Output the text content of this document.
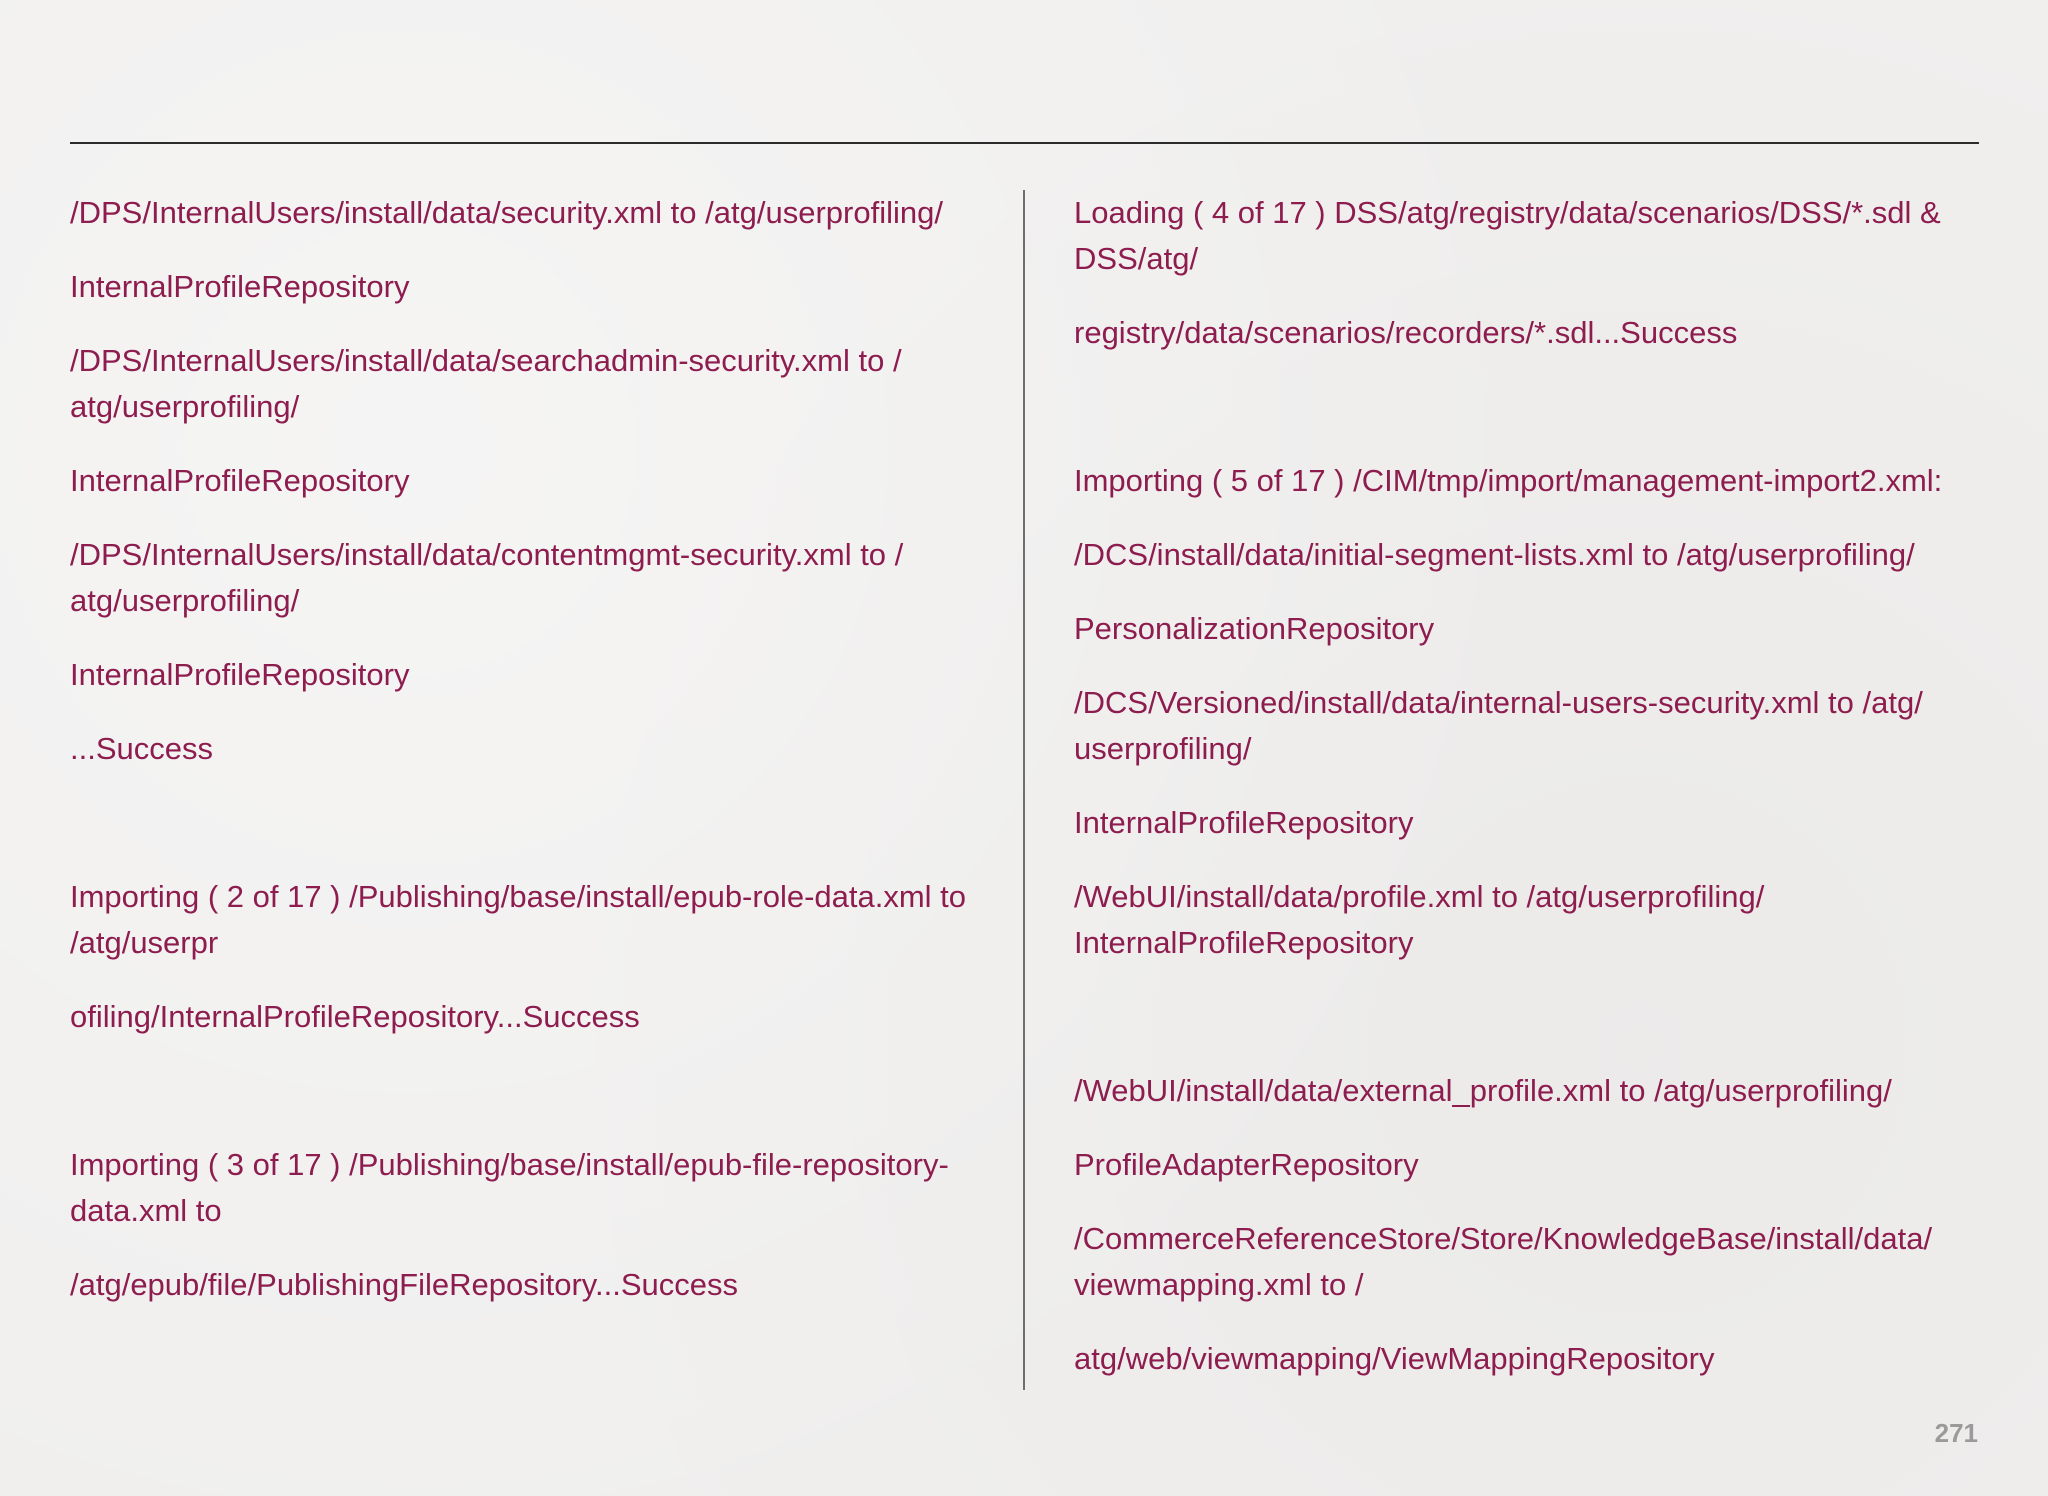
/DPS/InternalUsers/install/data/security.xml to /atg/userprofiling/

InternalProfileRepository

/DPS/InternalUsers/install/data/searchadmin-security.xml to / atg/userprofiling/

InternalProfileRepository

/DPS/InternalUsers/install/data/contentmgmt-security.xml to / atg/userprofiling/

InternalProfileRepository

...Success

Importing ( 2 of 17 ) /Publishing/base/install/epub-role-data.xml to /atg/userpr

ofiling/InternalProfileRepository...Success

Importing ( 3 of 17 ) /Publishing/base/install/epub-file-repository-data.xml to

/atg/epub/file/PublishingFileRepository...Success

Loading ( 4 of 17 ) DSS/atg/registry/data/scenarios/DSS/*.sdl & DSS/atg/

registry/data/scenarios/recorders/*.sdl...Success

Importing ( 5 of 17 ) /CIM/tmp/import/management-import2.xml:

/DCS/install/data/initial-segment-lists.xml to /atg/userprofiling/

PersonalizationRepository

/DCS/Versioned/install/data/internal-users-security.xml to /atg/ userprofiling/

InternalProfileRepository

/WebUI/install/data/profile.xml to /atg/userprofiling/ InternalProfileRepository

/WebUI/install/data/external_profile.xml to /atg/userprofiling/

ProfileAdapterRepository

/CommerceReferenceStore/Store/KnowledgeBase/install/data/ viewmapping.xml to /

atg/web/viewmapping/ViewMappingRepository

271
